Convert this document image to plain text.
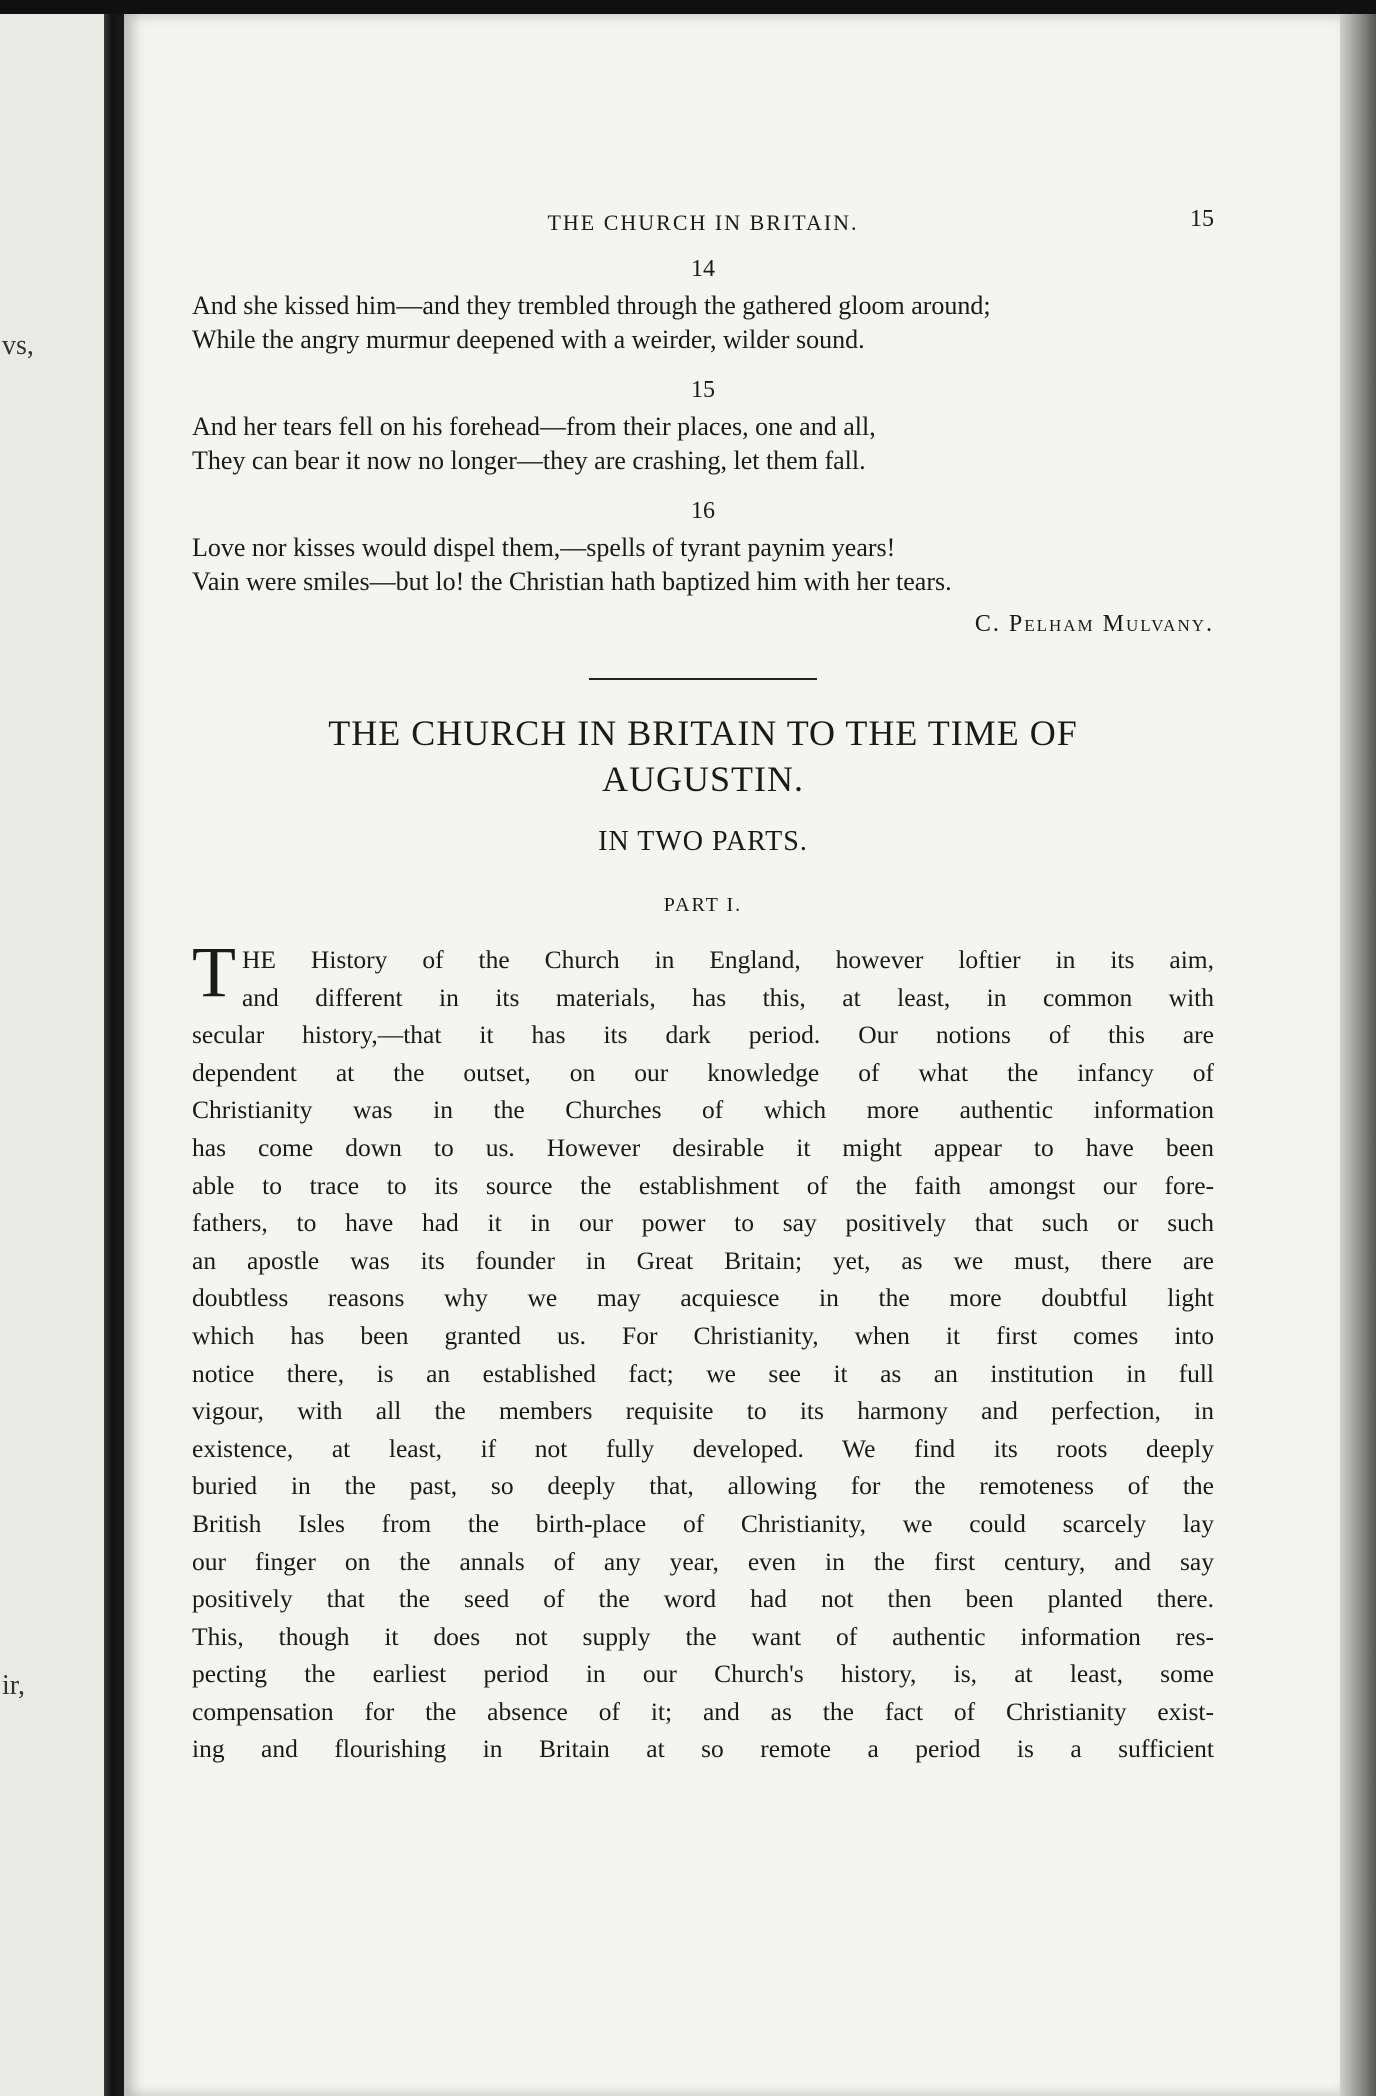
vs,
ir,
THE CHURCH IN BRITAIN.	15
14
And she kissed him—and they trembled through the gathered gloom around;
While the angry murmur deepened with a weirder, wilder sound.
15
And her tears fell on his forehead—from their places, one and all,
They can bear it now no longer—they are crashing, let them fall.
16
Love nor kisses would dispel them,—spells of tyrant paynim years!
Vain were smiles—but lo! the Christian hath baptized him with her tears.
C. Pelham Mulvany.
THE CHURCH IN BRITAIN TO THE TIME OF
AUGUSTIN.
IN TWO PARTS.
PART I.
T HE History of the Church in England, however loftier in its aim,
and different in its materials, has this, at least, in common with
secular history,—that it has its dark period. Our notions of this are
dependent at the outset, on our knowledge of what the infancy of
Christianity was in the Churches of which more authentic information
has come down to us. However desirable it might appear to have been
able to trace to its source the establishment of the faith amongst our fore-
fathers, to have had it in our power to say positively that such or such
an apostle was its founder in Great Britain; yet, as we must, there are
doubtless reasons why we may acquiesce in the more doubtful light
which has been granted us. For Christianity, when it first comes into
notice there, is an established fact; we see it as an institution in full
vigour, with all the members requisite to its harmony and perfection, in
existence, at least, if not fully developed. We find its roots deeply
buried in the past, so deeply that, allowing for the remoteness of the
British Isles from the birth-place of Christianity, we could scarcely lay
our finger on the annals of any year, even in the first century, and say
positively that the seed of the word had not then been planted there.
This, though it does not supply the want of authentic information res-
pecting the earliest period in our Church's history, is, at least, some
compensation for the absence of it; and as the fact of Christianity exist-
ing and flourishing in Britain at so remote a period is a sufficient
